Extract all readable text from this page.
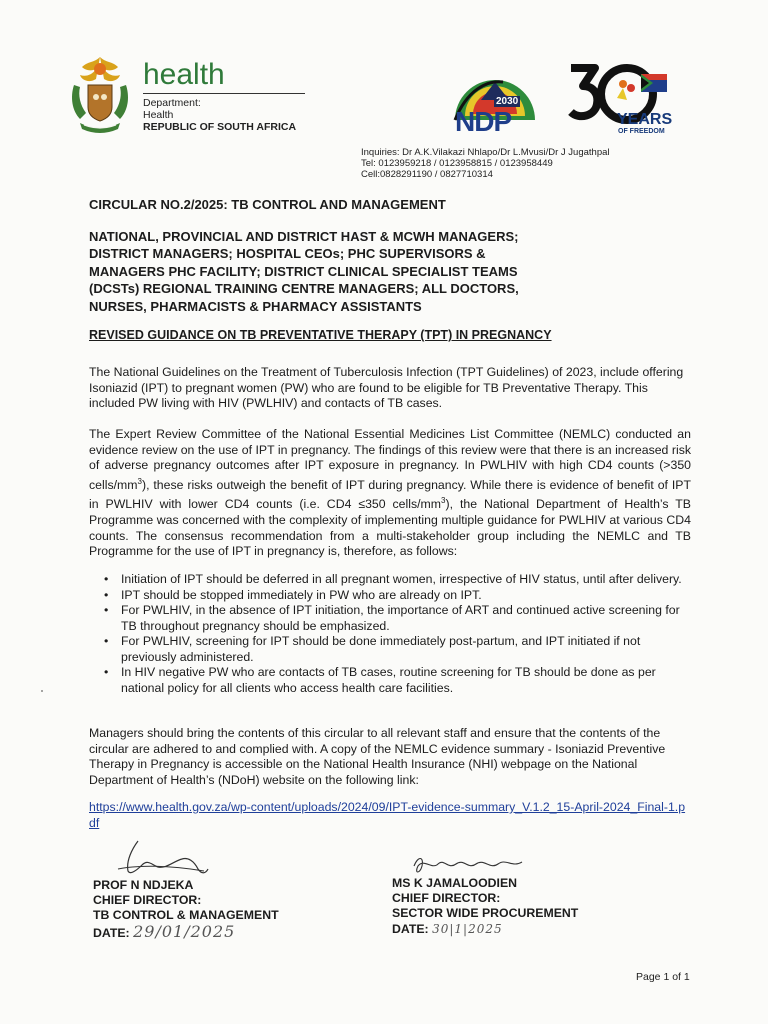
health
Department:
Health
REPUBLIC OF SOUTH AFRICA
2030
NDP	YEARS
OF FREEDOM
Inquiries: Dr A.K.Vilakazi Nhlapo/Dr L.Mvusi/Dr J Jugathpal
Tel: 0123959218 / 0123958815 / 0123958449
Cell:0828291190 / 0827710314
CIRCULAR NO.2/2025: TB CONTROL AND MANAGEMENT
NATIONAL, PROVINCIAL AND DISTRICT HAST & MCWH MANAGERS;
DISTRICT MANAGERS; HOSPITAL CEOs; PHC SUPERVISORS &
MANAGERS PHC FACILITY; DISTRICT CLINICAL SPECIALIST TEAMS
(DCSTs) REGIONAL TRAINING CENTRE MANAGERS; ALL DOCTORS,
NURSES, PHARMACISTS & PHARMACY ASSISTANTS
REVISED GUIDANCE ON TB PREVENTATIVE THERAPY (TPT) IN PREGNANCY
The National Guidelines on the Treatment of Tuberculosis Infection (TPT Guidelines) of 2023, include offering Isoniazid (IPT) to pregnant women (PW) who are found to be eligible for TB Preventative Therapy. This included PW living with HIV (PWLHIV) and contacts of TB cases.
The Expert Review Committee of the National Essential Medicines List Committee (NEMLC) conducted an evidence review on the use of IPT in pregnancy. The findings of this review were that there is an increased risk of adverse pregnancy outcomes after IPT exposure in pregnancy. In PWLHIV with high CD4 counts (>350 cells/$mm^3$), these risks outweigh the benefit of IPT during pregnancy. While there is evidence of benefit of IPT in PWLHIV with lower CD4 counts (i.e. CD4 ≤350 cells/$mm^3$), the National Department of Health’s TB Programme was concerned with the complexity of implementing multiple guidance for PWLHIV at various CD4 counts. The consensus recommendation from a multi-stakeholder group including the NEMLC and TB Programme for the use of IPT in pregnancy is, therefore, as follows:
•	Initiation of IPT should be deferred in all pregnant women, irrespective of HIV status, until after delivery.
•	IPT should be stopped immediately in PW who are already on IPT.
•	For PWLHIV, in the absence of IPT initiation, the importance of ART and continued active screening for TB throughout pregnancy should be emphasized.
•	For PWLHIV, screening for IPT should be done immediately post-partum, and IPT initiated if not previously administered.
•	In HIV negative PW who are contacts of TB cases, routine screening for TB should be done as per national policy for all clients who access health care facilities.
Managers should bring the contents of this circular to all relevant staff and ensure that the contents of the circular are adhered to and complied with. A copy of the NEMLC evidence summary - Isoniazid Preventive Therapy in Pregnancy is accessible on the National Health Insurance (NHI) webpage on the National Department of Health’s (NDoH) website on the following link:
https://www.health.gov.za/wp-content/uploads/2024/09/IPT-evidence-summary_V.1.2_15-April-2024_Final-1.pdf
PROF N NDJEKA
CHIEF DIRECTOR:
TB CONTROL & MANAGEMENT
DATE: 29/01/2025
MS K JAMALOODIEN
CHIEF DIRECTOR:
SECTOR WIDE PROCUREMENT
DATE: 30|1|2025
Page 1 of 1
